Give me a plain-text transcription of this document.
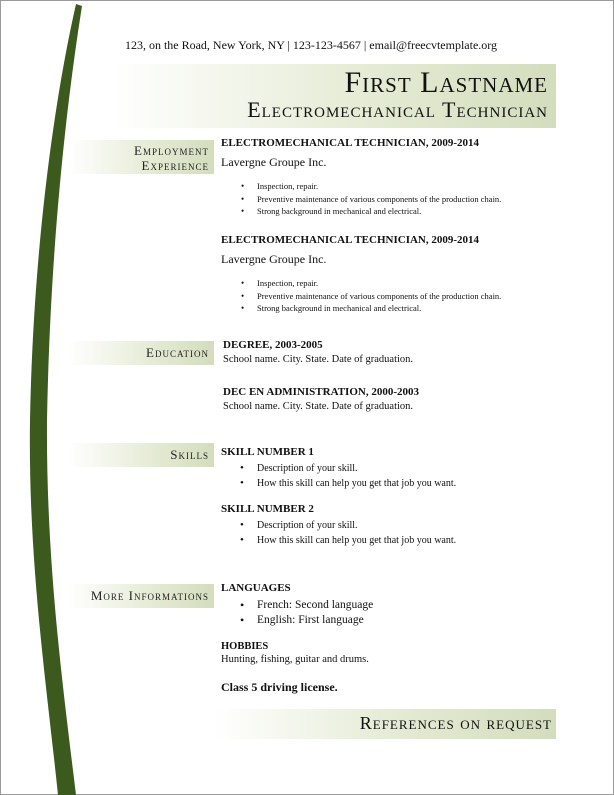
123, on the Road, New York, NY | 123-123-4567 | email@freecvtemplate.org
First Lastname
Electromechanical Technician
Employment
Experience
ELECTROMECHANICAL TECHNICIAN, 2009-2014
Lavergne Groupe Inc.
• Inspection, repair.
• Preventive maintenance of various components of the production chain.
• Strong background in mechanical and electrical.
ELECTROMECHANICAL TECHNICIAN, 2009-2014
Lavergne Groupe Inc.
• Inspection, repair.
• Preventive maintenance of various components of the production chain.
• Strong background in mechanical and electrical.
Education	DEGREE, 2003-2005
School name. City. State. Date of graduation.
DEC EN ADMINISTRATION, 2000-2003
School name. City. State. Date of graduation.
Skills	SKILL NUMBER 1
• Description of your skill.
• How this skill can help you get that job you want.
SKILL NUMBER 2
• Description of your skill.
• How this skill can help you get that job you want.
More Informations	LANGUAGES
• French: Second language
• English: First language
HOBBIES
Hunting, fishing, guitar and drums.
Class 5 driving license.
References on request
